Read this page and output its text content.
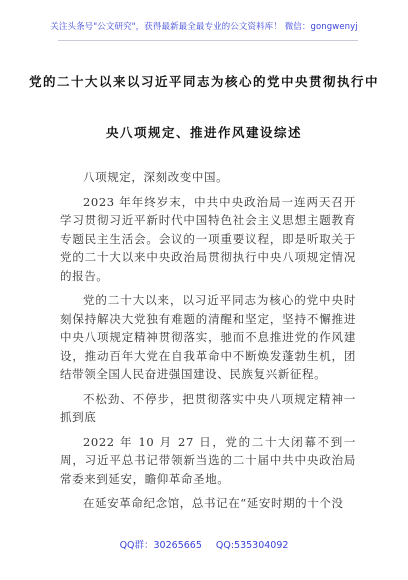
关注头条号"公文研究"，获得最新最全最专业的公文资料库！ 微信：gongwenyj
党的二十大以来以习近平同志为核心的党中央贯彻执行中
央八项规定、推进作风建设综述

八项规定，深刻改变中国。

2023 年年终岁末，中共中央政治局一连两天召开学习贯彻习近平新时代中国特色社会主义思想主题教育专题民主生活会。会议的一项重要议程，即是听取关于党的二十大以来中央政治局贯彻执行中央八项规定情况的报告。

党的二十大以来，以习近平同志为核心的党中央时刻保持解决大党独有难题的清醒和坚定，坚持不懈推进中央八项规定精神贯彻落实，驰而不息推进党的作风建设，推动百年大党在自我革命中不断焕发蓬勃生机，团结带领全国人民奋进强国建设、民族复兴新征程。

不松劲、不停步，把贯彻落实中央八项规定精神一抓到底

2022 年 10 月 27 日，党的二十大闭幕不到一周，习近平总书记带领新当选的二十届中共中央政治局常委来到延安，瞻仰革命圣地。

在延安革命纪念馆，总书记在“延安时期的十个没

QQ群：30265665 QQ:535304092
